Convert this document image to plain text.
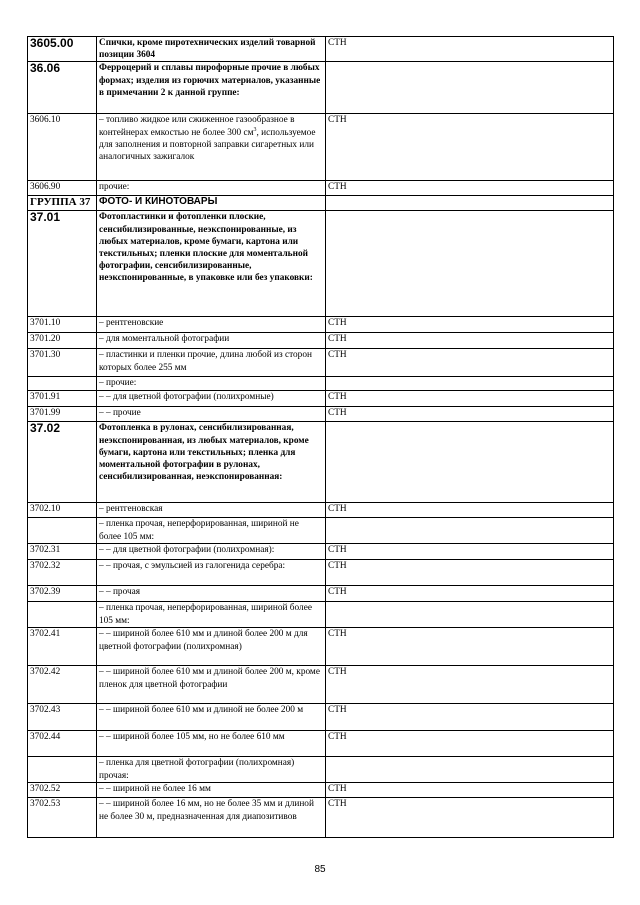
3605.00	Спички, кроме пиротехнических изделий товарной позиции 3604	СТН
36.06	Ферроцерий и сплавы пирофорные прочие в любых формах; изделия из горючих материалов, указанные в примечании 2 к данной группе:	
3606.10	– топливо жидкое или сжиженное газообразное в контейнерах емкостью не более 300 $см^3$, используемое для заполнения и повторной заправки сигаретных или аналогичных зажигалок	СТН
3606.90	прочие:	СТН
ГРУППА 37	ФОТО- И КИНОТОВАРЫ	
37.01	Фотопластинки и фотопленки плоские, сенсибилизированные, неэкспонированные, из любых материалов, кроме бумаги, картона или текстильных; пленки плоские для моментальной фотографии, сенсибилизированные, неэкспонированные, в упаковке или без упаковки:	
3701.10	– рентгеновские	СТН
3701.20	– для моментальной фотографии	СТН
3701.30	– пластинки и пленки прочие, длина любой из сторон которых более 255 мм	СТН
	– прочие:	
3701.91	– – для цветной фотографии (полихромные)	СТН
3701.99	– – прочие	СТН
37.02	Фотопленка в рулонах, сенсибилизированная, неэкспонированная, из любых материалов, кроме бумаги, картона или текстильных; пленка для моментальной фотографии в рулонах, сенсибилизированная, неэкспонированная:	
3702.10	– рентгеновская	СТН
	– пленка прочая, неперфорированная, шириной не более 105 мм:	
3702.31	– – для цветной фотографии (полихромная):	СТН
3702.32	– – прочая, с эмульсией из галогенида серебра:	СТН
3702.39	– – прочая	СТН
	– пленка прочая, неперфорированная, шириной более 105 мм:	
3702.41	– – шириной более 610 мм и длиной более 200 м для цветной фотографии (полихромная)	СТН
3702.42	– – шириной более 610 мм и длиной более 200 м, кроме пленок для цветной фотографии	СТН
3702.43	– – шириной более 610 мм и длиной не более 200 м	СТН
3702.44	– – шириной более 105 мм, но не более 610 мм	СТН
	– пленка для цветной фотографии (полихромная) прочая:	
3702.52	– – шириной не более 16 мм	СТН
3702.53	– – шириной более 16 мм, но не более 35 мм и длиной не более 30 м, предназначенная для диапозитивов	СТН
85
